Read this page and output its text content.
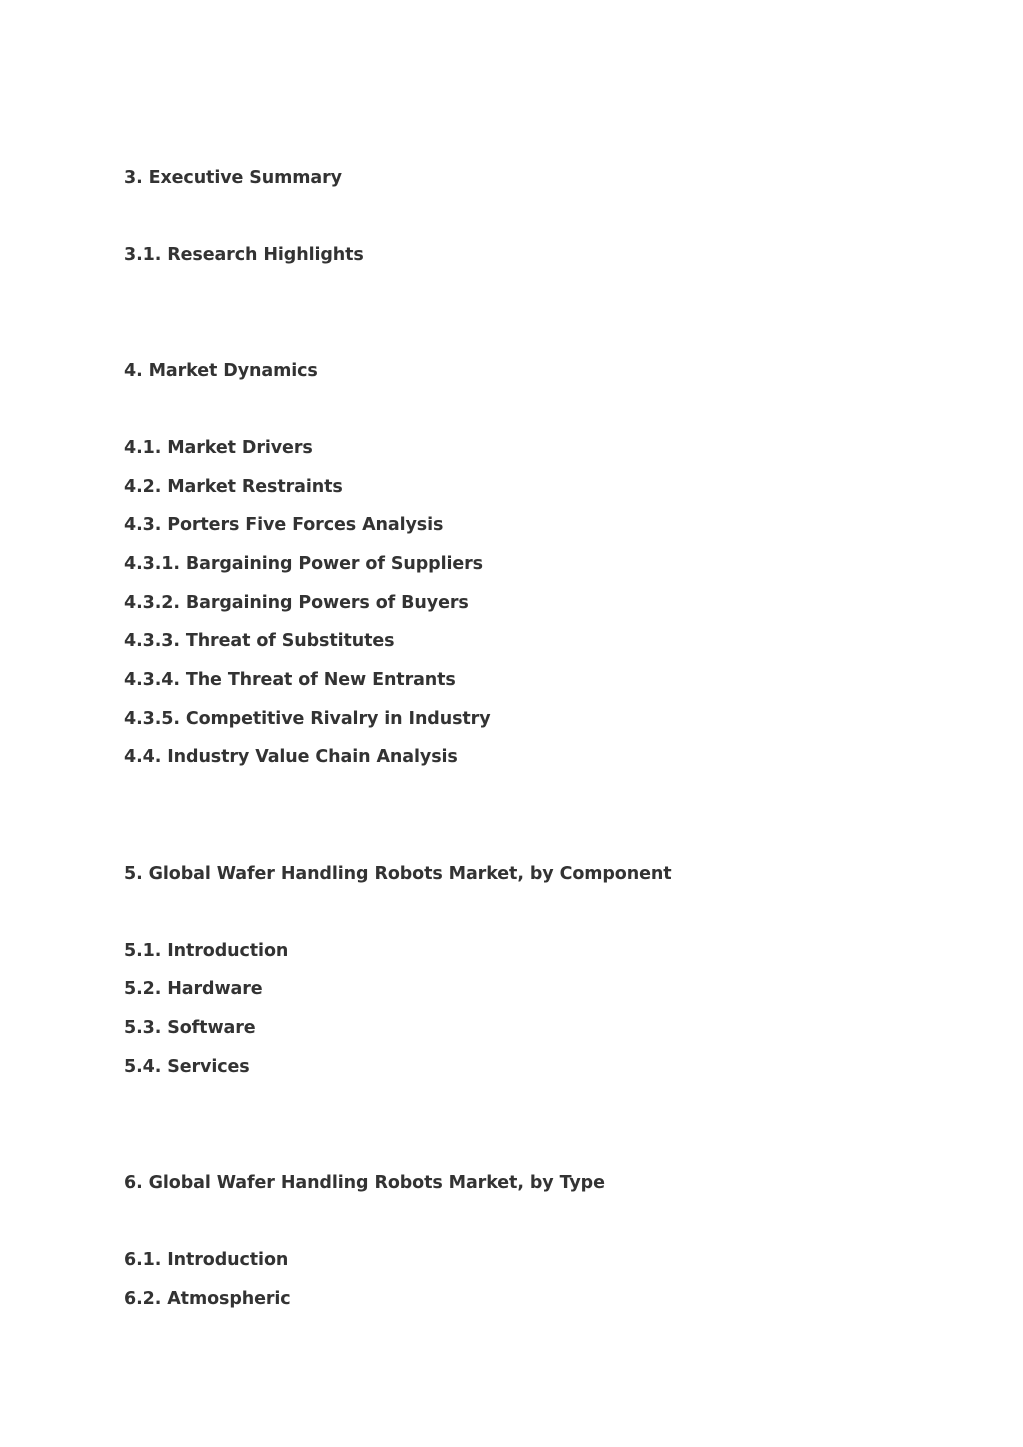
3. Executive Summary

3.1. Research Highlights

4. Market Dynamics

4.1. Market Drivers

4.2. Market Restraints

4.3. Porters Five Forces Analysis

4.3.1. Bargaining Power of Suppliers

4.3.2. Bargaining Powers of Buyers

4.3.3. Threat of Substitutes

4.3.4. The Threat of New Entrants

4.3.5. Competitive Rivalry in Industry

4.4. Industry Value Chain Analysis

5. Global Wafer Handling Robots Market, by Component

5.1. Introduction

5.2. Hardware

5.3. Software

5.4. Services

6. Global Wafer Handling Robots Market, by Type

6.1. Introduction

6.2. Atmospheric
